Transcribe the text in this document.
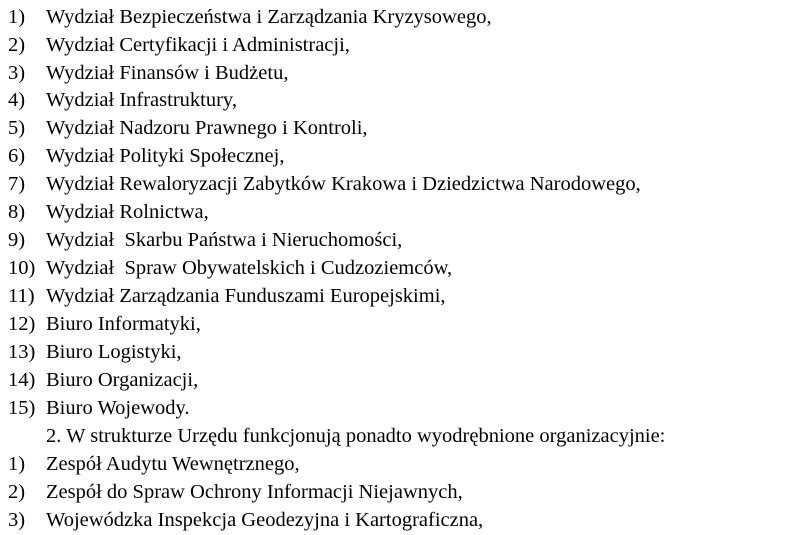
1) Wydział Bezpieczeństwa i Zarządzania Kryzysowego,
2) Wydział Certyfikacji i Administracji,
3) Wydział Finansów i Budżetu,
4) Wydział Infrastruktury,
5) Wydział Nadzoru Prawnego i Kontroli,
6) Wydział Polityki Społecznej,
7) Wydział Rewaloryzacji Zabytków Krakowa i Dziedzictwa Narodowego,
8) Wydział Rolnictwa,
9) Wydział  Skarbu Państwa i Nieruchomości,
10) Wydział  Spraw Obywatelskich i Cudzoziemców,
11) Wydział Zarządzania Funduszami Europejskimi,
12) Biuro Informatyki,
13) Biuro Logistyki,
14) Biuro Organizacji,
15) Biuro Wojewody.
2. W strukturze Urzędu funkcjonują ponadto wyodrębnione organizacyjnie:
1) Zespół Audytu Wewnętrznego,
2) Zespół do Spraw Ochrony Informacji Niejawnych,
3) Wojewódzka Inspekcja Geodezyjna i Kartograficzna,
